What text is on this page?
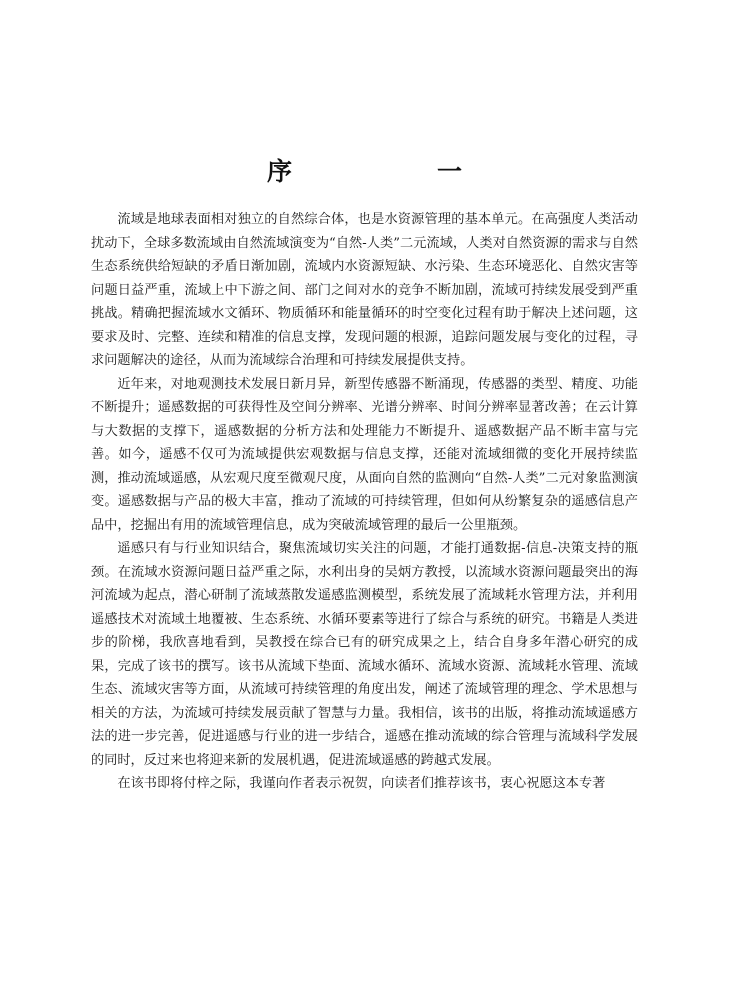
序　一

流域是地球表面相对独立的自然综合体，也是水资源管理的基本单元。在高强度人类活动扰动下，全球多数流域由自然流域演变为“自然-人类”二元流域，人类对自然资源的需求与自然生态系统供给短缺的矛盾日渐加剧，流域内水资源短缺、水污染、生态环境恶化、自然灾害等问题日益严重，流域上中下游之间、部门之间对水的竞争不断加剧，流域可持续发展受到严重挑战。精确把握流域水文循环、物质循环和能量循环的时空变化过程有助于解决上述问题，这要求及时、完整、连续和精准的信息支撑，发现问题的根源，追踪问题发展与变化的过程，寻求问题解决的途径，从而为流域综合治理和可持续发展提供支持。

近年来，对地观测技术发展日新月异，新型传感器不断涌现，传感器的类型、精度、功能不断提升；遥感数据的可获得性及空间分辨率、光谱分辨率、时间分辨率显著改善；在云计算与大数据的支撑下，遥感数据的分析方法和处理能力不断提升、遥感数据产品不断丰富与完善。如今，遥感不仅可为流域提供宏观数据与信息支撑，还能对流域细微的变化开展持续监测，推动流域遥感，从宏观尺度至微观尺度，从面向自然的监测向“自然-人类”二元对象监测演变。遥感数据与产品的极大丰富，推动了流域的可持续管理，但如何从纷繁复杂的遥感信息产品中，挖掘出有用的流域管理信息，成为突破流域管理的最后一公里瓶颈。

遥感只有与行业知识结合，聚焦流域切实关注的问题，才能打通数据-信息-决策支持的瓶颈。在流域水资源问题日益严重之际，水利出身的吴炳方教授，以流域水资源问题最突出的海河流域为起点，潜心研制了流域蒸散发遥感监测模型，系统发展了流域耗水管理方法，并利用遥感技术对流域土地覆被、生态系统、水循环要素等进行了综合与系统的研究。书籍是人类进步的阶梯，我欣喜地看到，吴教授在综合已有的研究成果之上，结合自身多年潜心研究的成果，完成了该书的撰写。该书从流域下垫面、流域水循环、流域水资源、流域耗水管理、流域生态、流域灾害等方面，从流域可持续管理的角度出发，阐述了流域管理的理念、学术思想与相关的方法，为流域可持续发展贡献了智慧与力量。我相信，该书的出版，将推动流域遥感方法的进一步完善，促进遥感与行业的进一步结合，遥感在推动流域的综合管理与流域科学发展的同时，反过来也将迎来新的发展机遇，促进流域遥感的跨越式发展。

在该书即将付梓之际，我谨向作者表示祝贺，向读者们推荐该书，衷心祝愿这本专著
